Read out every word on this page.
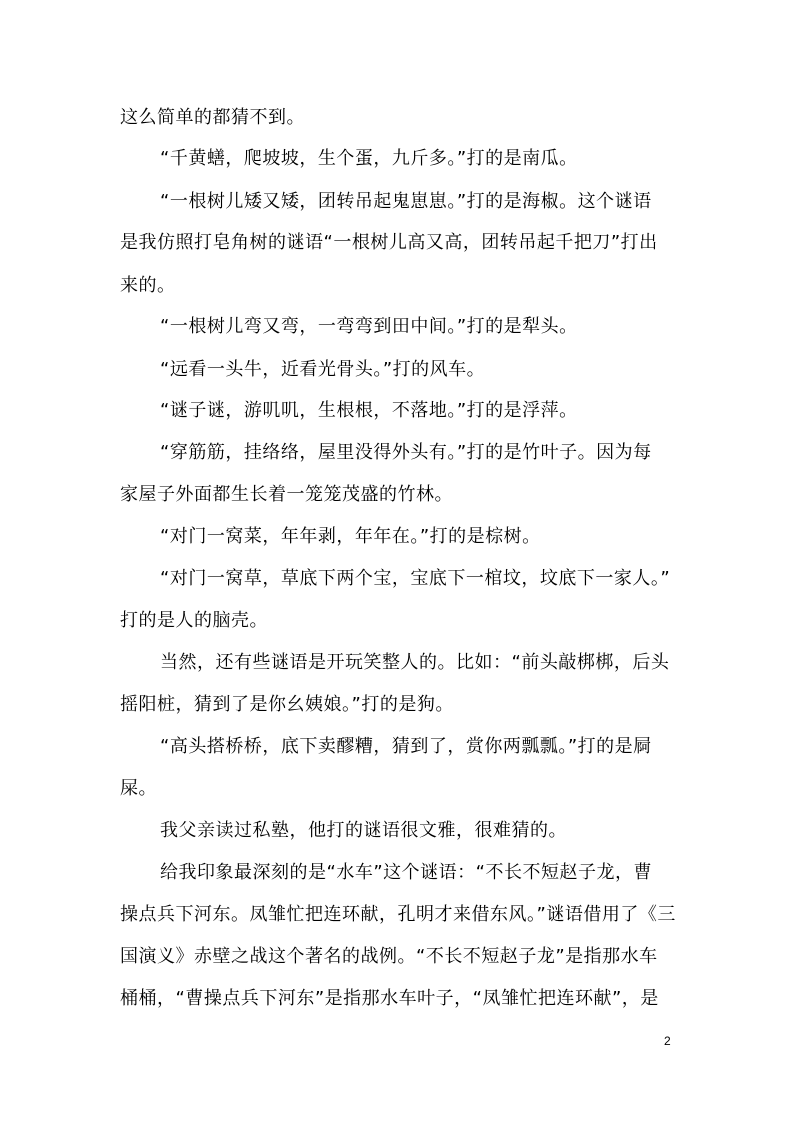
这么简单的都猜不到。
“千黄蟮，爬坡坡，生个蛋，九斤多。”打的是南瓜。
“一根树儿矮又矮，团转吊起鬼崽崽。”打的是海椒。这个谜语
是我仿照打皂角树的谜语“一根树儿高又高，团转吊起千把刀”打出
来的。
“一根树儿弯又弯，一弯弯到田中间。”打的是犁头。
“远看一头牛，近看光骨头。”打的风车。
“谜子谜，游叽叽，生根根，不落地。”打的是浮萍。
“穿筋筋，挂络络，屋里没得外头有。”打的是竹叶子。因为每
家屋子外面都生长着一笼笼茂盛的竹林。
“对门一窝菜，年年剥，年年在。”打的是棕树。
“对门一窝草，草底下两个宝，宝底下一棺坟，坟底下一家人。”
打的是人的脑壳。
当然，还有些谜语是开玩笑整人的。比如：“前头敲梆梆，后头
摇阳桩，猜到了是你幺姨娘。”打的是狗。
“高头搭桥桥，底下卖醪糟，猜到了，赏你两瓢瓢。”打的是屙
屎。
我父亲读过私塾，他打的谜语很文雅，很难猜的。
给我印象最深刻的是“水车”这个谜语：“不长不短赵子龙，曹
操点兵下河东。凤雏忙把连环献，孔明才来借东风。”谜语借用了《三
国演义》赤壁之战这个著名的战例。“不长不短赵子龙”是指那水车
桶桶，“曹操点兵下河东”是指那水车叶子，“凤雏忙把连环献”，是
2
